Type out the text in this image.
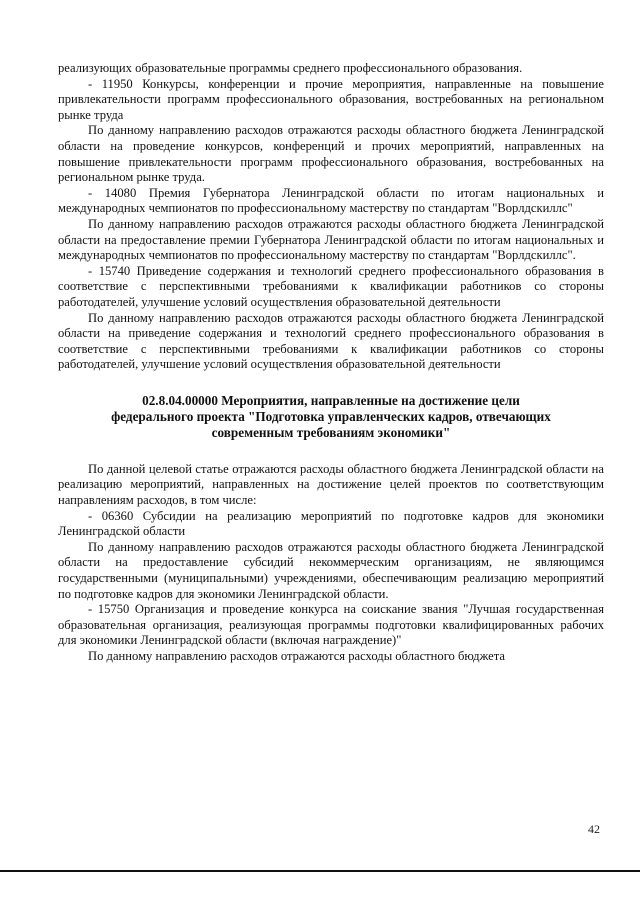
реализующих образовательные программы среднего профессионального образования.

- 11950 Конкурсы, конференции и прочие мероприятия, направленные на повышение привлекательности программ профессионального образования, востребованных на региональном рынке труда

По данному направлению расходов отражаются расходы областного бюджета Ленинградской области на проведение конкурсов, конференций и прочих мероприятий, направленных на повышение привлекательности программ профессионального образования, востребованных на региональном рынке труда.

- 14080 Премия Губернатора Ленинградской области по итогам национальных и международных чемпионатов по профессиональному мастерству по стандартам "Ворлдскиллс"

По данному направлению расходов отражаются расходы областного бюджета Ленинградской области на предоставление премии Губернатора Ленинградской области по итогам национальных и международных чемпионатов по профессиональному мастерству по стандартам "Ворлдскиллс".

- 15740 Приведение содержания и технологий среднего профессионального образования в соответствие с перспективными требованиями к квалификации работников со стороны работодателей, улучшение условий осуществления образовательной деятельности

По данному направлению расходов отражаются расходы областного бюджета Ленинградской области на приведение содержания и технологий среднего профессионального образования в соответствие с перспективными требованиями к квалификации работников со стороны работодателей, улучшение условий осуществления образовательной деятельности

02.8.04.00000 Мероприятия, направленные на достижение цели
федерального проекта "Подготовка управленческих кадров, отвечающих
современным требованиям экономики"

По данной целевой статье отражаются расходы областного бюджета Ленинградской области на реализацию мероприятий, направленных на достижение целей проектов по соответствующим направлениям расходов, в том числе:

- 06360 Субсидии на реализацию мероприятий по подготовке кадров для экономики Ленинградской области

По данному направлению расходов отражаются расходы областного бюджета Ленинградской области на предоставление субсидий некоммерческим организациям, не являющимся государственными (муниципальными) учреждениями, обеспечивающим реализацию мероприятий по подготовке кадров для экономики Ленинградской области.

- 15750 Организация и проведение конкурса на соискание звания "Лучшая государственная образовательная организация, реализующая программы подготовки квалифицированных рабочих для экономики Ленинградской области (включая награждение)"

По данному направлению расходов отражаются расходы областного бюджета

42
